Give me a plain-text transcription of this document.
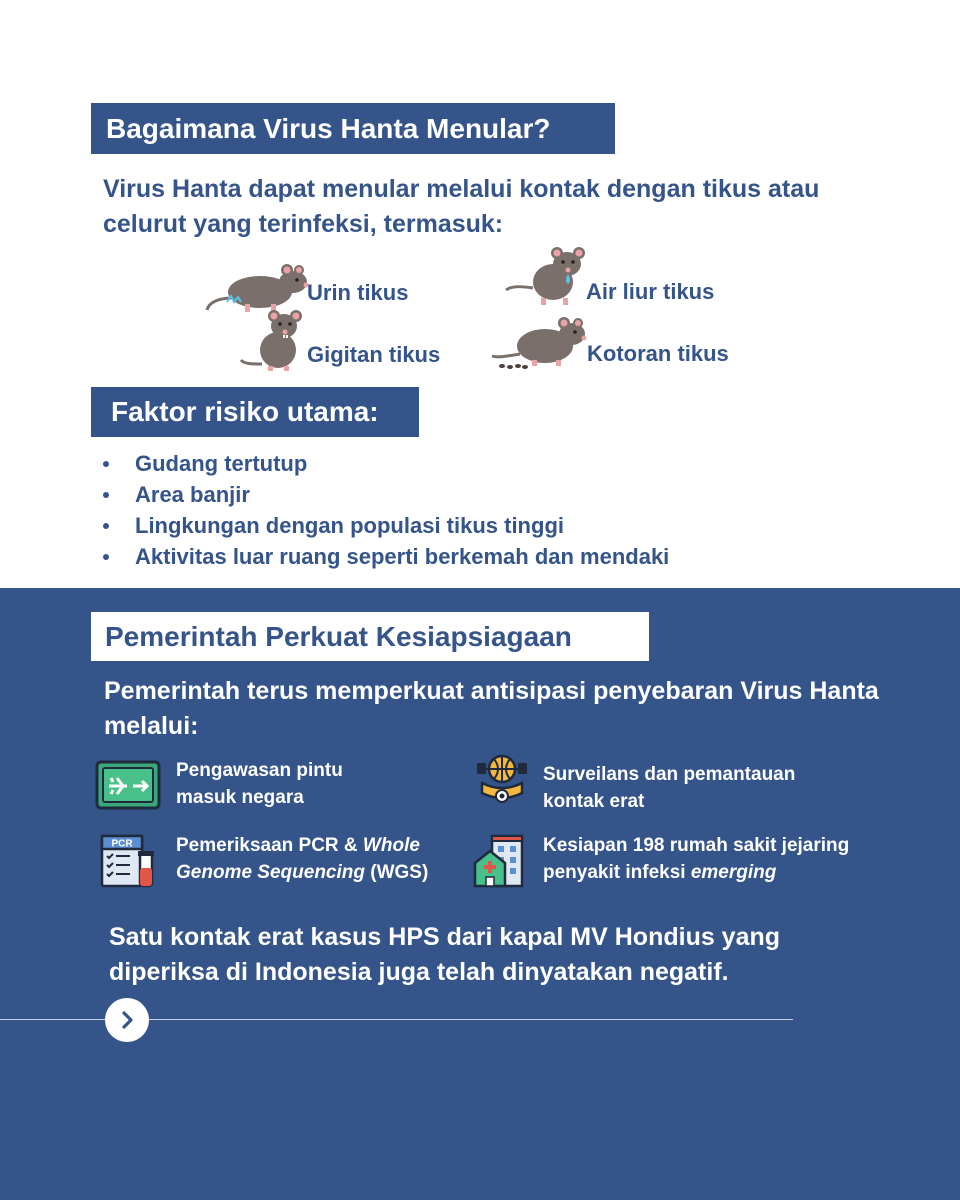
Bagaimana Virus Hanta Menular?
Virus Hanta dapat menular melalui kontak dengan tikus atau celurut yang terinfeksi, termasuk:
Urin tikus	Air liur tikus
Gigitan tikus	Kotoran tikus
Faktor risiko utama:
Gudang tertutup
Area banjir
Lingkungan dengan populasi tikus tinggi
Aktivitas luar ruang seperti berkemah dan mendaki
Pemerintah Perkuat Kesiapsiagaan
Pemerintah terus memperkuat antisipasi penyebaran Virus Hanta melalui:
Pengawasan pintu
masuk negara
Surveilans dan pemantauan
kontak erat
PCR Pemeriksaan PCR & Whole
Genome Sequencing (WGS)
Kesiapan 198 rumah sakit jejaring
penyakit infeksi emerging
Satu kontak erat kasus HPS dari kapal MV Hondius yang diperiksa di Indonesia juga telah dinyatakan negatif.
